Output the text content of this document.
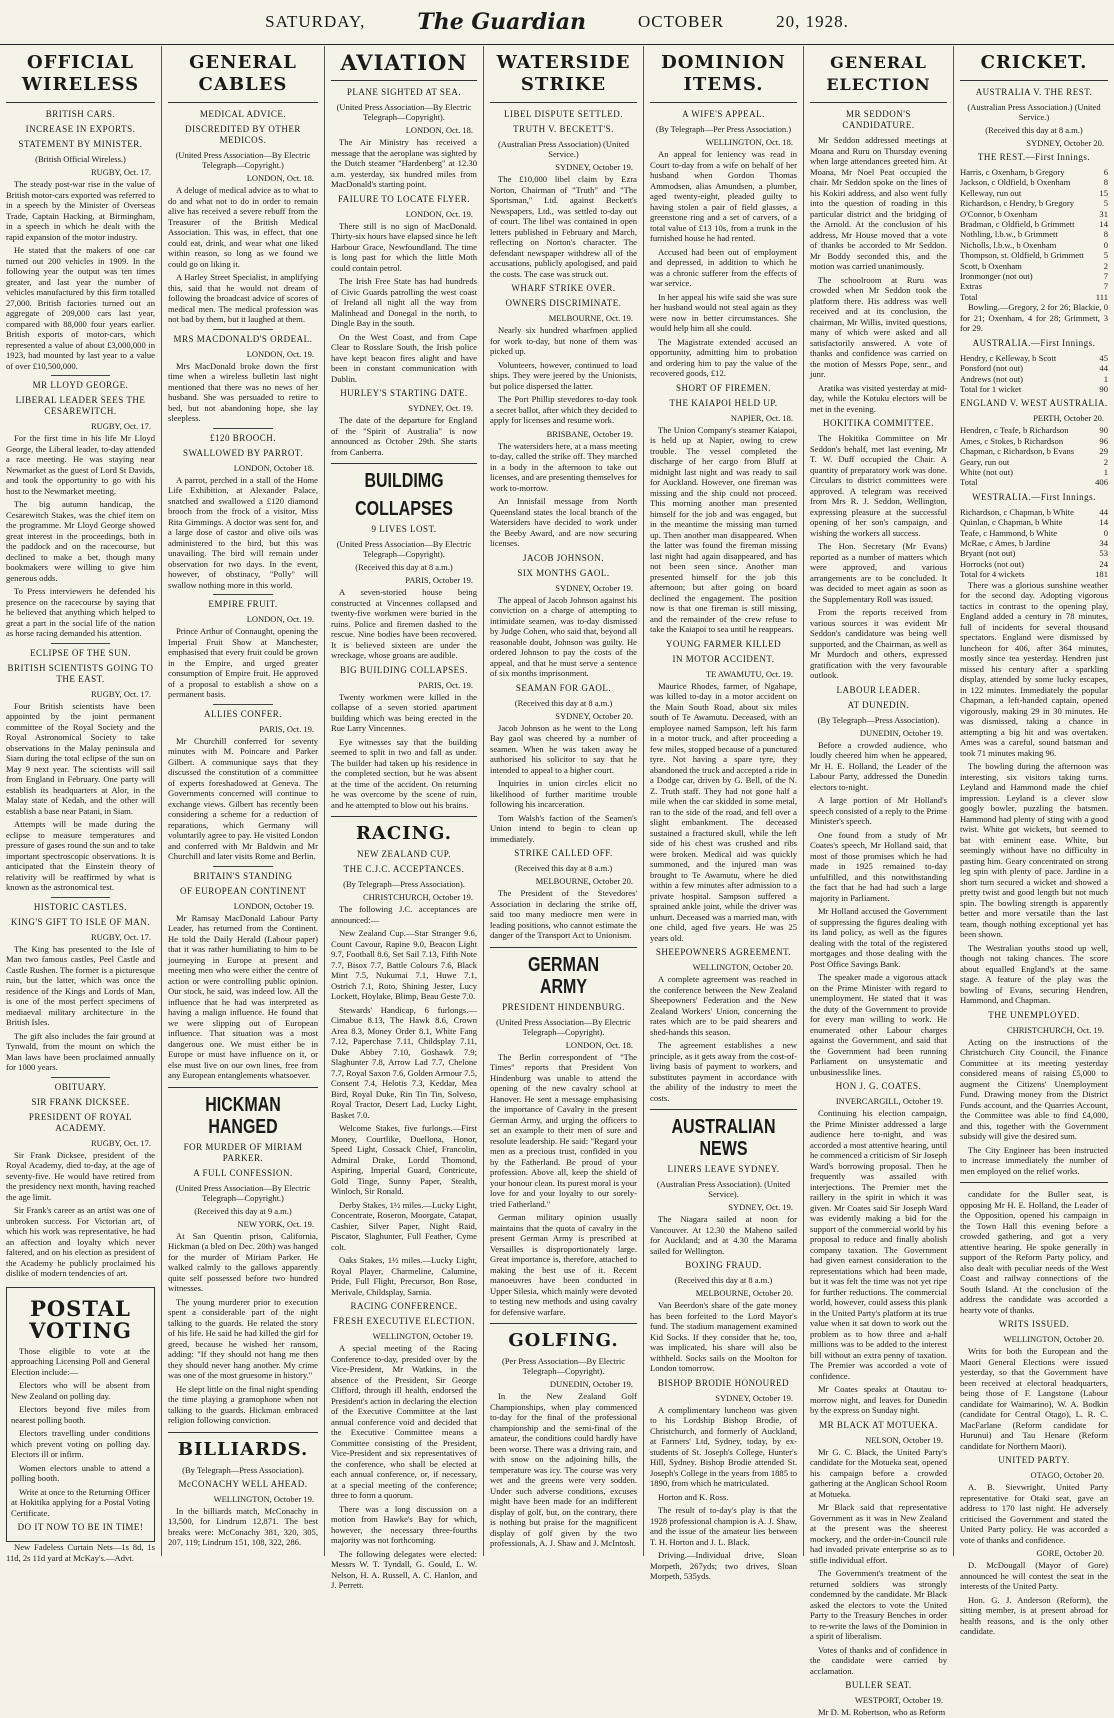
SATURDAY, The Guardian	OCTOBER	20, 1928.
OFFICIAL WIRELESS
BRITISH CARS.
INCREASE IN EXPORTS.
STATEMENT BY MINISTER.
(British Official Wireless.)
RUGBY, Oct. 17.

The steady post-war rise in the value of British motor-cars exported was referred to in a speech by the Minister of Overseas Trade, Captain Hacking, at Birmingham, in a speech in which he dealt with the rapid expansion of the motor industry.

He stated that the makers of one car turned out 200 vehicles in 1909. In the following year the output was ten times greater, and last year the number of vehicles manufactured by this firm totalled 27,000. British factories turned out an aggregate of 209,000 cars last year, compared with 88,000 four years earlier. British exports of motor-cars, which represented a value of about £3,000,000 in 1923, had mounted by last year to a value of over £10,500,000.

MR LLOYD GEORGE.
LIBERAL LEADER SEES THE CESAREWITCH.
RUGBY, Oct. 17.

For the first time in his life Mr Lloyd George, the Liberal leader, to-day attended a race meeting. He was staying near Newmarket as the guest of Lord St Davids, and took the opportunity to go with his host to the Newmarket meeting.

The big autumn handicap, the Cesarewitch Stakes, was the chief item on the programme. Mr Lloyd George showed great interest in the proceedings, both in the paddock and on the racecourse, but declined to make a bet, though many bookmakers were willing to give him generous odds.

To Press interviewers he defended his presence on the racecourse by saying that he believed that anything which helped to great a part in the social life of the nation as horse racing demanded his attention.

ECLIPSE OF THE SUN.
BRITISH SCIENTISTS GOING TO THE EAST.
RUGBY, Oct. 17.

Four British scientists have been appointed by the joint permanent committee of the Royal Society and the Royal Astronomical Society to take observations in the Malay peninsula and Siam during the total eclipse of the sun on May 9 next year. The scientists will sail from England in February. One party will establish its headquarters at Alor, in the Malay state of Kedah, and the other will establish a base near Patani, in Siam.

Attempts will be made during the eclipse to measure temperatures and pressure of gases round the sun and to take important spectroscopic observations. It is anticipated that the Einstein theory of relativity will be reaffirmed by what is known as the astronomical test.

HISTORIC CASTLES.
KING'S GIFT TO ISLE OF MAN.
RUGBY, Oct. 17.

The King has presented to the Isle of Man two famous castles, Peel Castle and Castle Rushen. The former is a picturesque ruin, but the latter, which was once the residence of the Kings and Lords of Man, is one of the most perfect specimens of mediaeval military architecture in the British Isles.

The gift also includes the fair ground at Tynwald, from the mount on which the Man laws have been proclaimed annually for 1000 years.

OBITUARY.
SIR FRANK DICKSEE.
PRESIDENT OF ROYAL ACADEMY.
RUGBY, Oct. 17.

Sir Frank Dicksee, president of the Royal Academy, died to-day, at the age of seventy-five. He would have retired from the presidency next month, having reached the age limit.

Sir Frank's career as an artist was one of unbroken success. For Victorian art, of which his work was representative, he had an affection and loyalty which never faltered, and on his election as president of the Academy he publicly proclaimed his dislike of modern tendencies of art.

POSTAL VOTING

Those eligible to vote at the approaching Licensing Poll and General Election include:—

Electors who will be absent from New Zealand on polling day.

Electors beyond five miles from nearest polling booth.

Electors travelling under conditions which prevent voting on polling day. Electors ill or infirm.

Women electors unable to attend a polling booth.

Write at once to the Returning Officer at Hokitika applying for a Postal Voting Certificate.

DO IT NOW TO BE IN TIME!

New Fadeless Curtain Nets—1s 8d, 1s 11d, 2s 11d yard at McKay's.—Advt.

GENERAL CABLES
MEDICAL ADVICE.
DISCREDITED BY OTHER MEDICOS.
(United Press Association—By Electric Telegraph—Copyright.)
LONDON, Oct. 18.

A deluge of medical advice as to what to do and what not to do in order to remain alive has received a severe rebuff from the Treasurer of the British Medical Association. This was, in effect, that one could eat, drink, and wear what one liked within reason, so long as we found we could go on liking it.

A Harley Street Specialist, in amplifying this, said that he would not dream of following the broadcast advice of scores of medical men. The medical profession was not bad by them, but it laughed at them.

MRS MACDONALD'S ORDEAL.
LONDON, Oct. 19.

Mrs MacDonald broke down the first time when a wireless bulletin last night mentioned that there was no news of her husband. She was persuaded to retire to bed, but not abandoning hope, she lay sleepless.

£120 BROOCH.
SWALLOWED BY PARROT.
LONDON, October 18.

A parrot, perched in a stall of the Home Life Exhibition, at Alexander Palace, snatched and swallowed a £120 diamond brooch from the frock of a visitor, Miss Rita Gimmings. A doctor was sent for, and a large dose of castor and olive oils was administered to the bird, but this was unavailing. The bird will remain under observation for two days. In the event, however, of obstinacy, "Polly" will swallow nothing more in this world.

EMPIRE FRUIT.
LONDON, Oct. 19.

Prince Arthur of Connaught, opening the Imperial Fruit Show at Manchester, emphasised that every fruit could be grown in the Empire, and urged greater consumption of Empire fruit. He approved of a proposal to establish a show on a permanent basis.

ALLIES CONFER.
PARIS, Oct. 19.

Mr Churchill conferred for seventy minutes with M. Poincare and Parker Gilbert. A communique says that they discussed the constitution of a committee of experts foreshadowed at Geneva. The Governments concerned will continue to exchange views. Gilbert has recently been considering a scheme for a reduction of reparations, which Germany will voluntarily agree to pay. He visited London and conferred with Mr Baldwin and Mr Churchill and later visits Rome and Berlin.

BRITAIN'S STANDING
OF EUROPEAN CONTINENT
LONDON, October 19.

Mr Ramsay MacDonald Labour Party Leader, has returned from the Continent. He told the Daily Herald (Labour paper) that it was rather humiliating to him to be journeying in Europe at present and meeting men who were either the centre of action or were controlling public opinion. Our stock, he said, was indeed low. All the influence that he had was interpreted as having a malign influence. He found that we were slipping out of European influence. That situation was a most dangerous one. We must either be in Europe or must have influence on it, or else must live on our own lines, free from any European entanglements whatsoever.

HICKMAN HANGED
FOR MURDER OF MIRIAM PARKER.
A FULL CONFESSION.
(United Press Association—By Electric Telegraph—Copyright.)
(Received this day at 9 a.m.)
NEW YORK, Oct. 19.

At San Quentin prison, California, Hickman (a bled on Dec. 20th) was hanged for the murder of Miriam Parker. He walked calmly to the gallows apparently quite self possessed before two hundred witnesses.

The young murderer prior to execution spent a considerable part of the night talking to the guards. He related the story of his life. He said he had killed the girl for greed, because he wished her ransom, adding: "If they should not hang me then they should never hang another. My crime was one of the most gruesome in history."

He slept little on the final night spending the time playing a gramophone when not talking to the guards. Hickman embraced religion following conviction.

BILLIARDS.
(By Telegraph—Press Association).
McCONACHY WELL AHEAD.
WELLINGTON, October 19.

In the billiards match, McConachy in 13,500, for Lindrum 12,871. The best breaks were: McConachy 381, 320, 305, 207, 119; Lindrum 151, 108, 322, 286.

AVIATION
PLANE SIGHTED AT SEA.
(United Press Association—By Electric Telegraph—Copyright).
LONDON, Oct. 18.

The Air Ministry has received a message that the aeroplane was sighted by the Dutch steamer "Hardenberg" at 12.30 a.m. yesterday, six hundred miles from MacDonald's starting point.

FAILURE TO LOCATE FLYER.
LONDON, Oct. 19.

There still is no sign of MacDonald. Thirty-six hours have elapsed since he left Harbour Grace, Newfoundland. The time is long past for which the little Moth could contain petrol.

The Irish Free State has had hundreds of Civic Guards patrolling the west coast of Ireland all night all the way from Malinhead and Donegal in the north, to Dingle Bay in the south.

On the West Coast, and from Cape Clear to Rosslare South, the Irish police have kept beacon fires alight and have been in constant communication with Dublin.

HURLEY'S STARTING DATE.
SYDNEY, Oct. 19.

The date of the departure for England of the "Spirit of Australia" is now announced as October 29th. She starts from Canberra.

BUILDIMG
COLLAPSES
9 LIVES LOST.
(United Press Association—By Electric Telegraph—Copyright).
(Received this day at 8 a.m.)
PARIS, October 19.

A seven-storied house being constructed at Vincennes collapsed and twenty-five workmen were buried in the ruins. Police and firemen dashed to the rescue. Nine bodies have been recovered. It is believed sixteen are under the wreckage, whose groans are audible.

BIG BUILDING COLLAPSES.
PARIS, Oct. 19.

Twenty workmen were killed in the collapse of a seven storied apartment building which was being erected in the Rue Larry Vincennes.

Eye witnesses say that the building seemed to split in two and fall as under. The builder had taken up his residence in the completed section, but he was absent at the time of the accident. On returning he was overcome by the scene of ruin, and he attempted to blow out his brains.

RACING.
NEW ZEALAND CUP.
THE C.J.C. ACCEPTANCES.
(By Telegraph—Press Association).
CHRISTCHURCH, October 19.

The following J.C. acceptances are announced:—

New Zealand Cup.—Star Stranger 9.6, Count Cavour, Rapine 9.0, Beacon Light 9.7, Football 8.6, Set Sail 7.13, Fifth Note 7.7, Bisox 7.7, Battle Colours 7.6, Black Mint 7.5, Nukumai 7.1, Huwe 7.1, Ostrich 7.1, Roto, Shining Jester, Lucy Lockett, Hoylake, Blimp, Beau Geste 7.0.

Stewards' Handicap, 6 furlongs.—Cimabue 8.13, The Hawk 8.6, Crown Area 8.3, Money Order 8.1, White Fang 7.12, Paperchase 7.11, Childsplay 7.11, Duke Abbey 7.10, Goshawk 7.9; Slaghunter 7.8, Arrow Lad 7.7, Chelone 7.7, Royal Saxon 7.6, Golden Armour 7.5, Consent 7.4, Helotis 7.3, Keddar, Mea Bird, Royal Duke, Rin Tin Tin, Solveso, Royal Tractor, Desert Lad, Lucky Light, Basket 7.0.

Welcome Stakes, five furlongs.—First Money, Courtlike, Duellona, Honor, Speed Light, Cossack Chief, Francolin, Admiral Drake, Lordd Thomond, Aspiring, Imperial Guard, Contricute, Gold Tinge, Sunny Paper, Stealth, Winloch, Sir Ronald.

Derby Stakes, 1½ miles.—Lucky Light, Concentrate, Roseron, Moorgate, Catapat, Cashier, Silver Paper, Night Raid, Piscator, Slaghunter, Full Feather, Cyme colt.

Oaks Stakes, 1½ miles.—Lucky Light, Royal Player, Charmeline, Calumine, Pride, Full Flight, Precursor, Bon Rose, Merivale, Childsplay, Sarnia.

RACING CONFERENCE.
FRESH EXECUTIVE ELECTION.
WELLINGTON, October 19.

A special meeting of the Racing Conference to-day, presided over by the Vice-President, Mr Watkins, in the absence of the President, Sir George Clifford, through ill health, endorsed the President's action in declaring the election of the Executive Committee at the last annual conference void and decided that the Executive Committee means a Committee consisting of the President, Vice-President and six representatives of the conference, who shall be elected at each annual conference, or, if necessary, at a special meeting of the conference; three to form a quorum.

There was a long discussion on a motion from Hawke's Bay for which, however, the necessary three-fourths majority was not forthcoming.

The following delegates were elected: Messrs W. T. Tyndall, G. Gould, L. W. Nelson, H. A. Russell, A. C. Hanlon, and J. Perrett.

WATERSIDE STRIKE
LIBEL DISPUTE SETTLED.
TRUTH V. BECKETT'S.
(Australian Press Association) (United Service.)
SYDNEY, October 19.

The £10,000 libel claim by Ezra Norton, Chairman of "Truth" and "The Sportsman," Ltd. against Beckett's Newspapers, Ltd., was settled to-day out of court. The libel was contained in open letters published in February and March, reflecting on Norton's character. The defendant newspaper withdrew all of the accusations, publicly apologised, and paid the costs. The case was struck out.

WHARF STRIKE OVER.
OWNERS DISCRIMINATE.
MELBOURNE, Oct. 19.

Nearly six hundred wharfmen applied for work to-day, but none of them was picked up.

Volunteers, however, continued to load ships. They were jeered by the Unionists, but police dispersed the latter.

The Port Phillip stevedores to-day took a secret ballot, after which they decided to apply for licenses and resume work.

BRISBANE, October 19.

The watersiders here, at a mass meeting to-day, called the strike off. They marched in a body in the afternoon to take out licenses, and are presenting themselves for work to-morrow.

An Innisfail message from North Queensland states the local branch of the Watersiders have decided to work under the Beeby Award, and are now securing licenses.

JACOB JOHNSON.
SIX MONTHS GAOL.
SYDNEY, October 19.

The appeal of Jacob Johnson against his conviction on a charge of attempting to intimidate seamen, was to-day dismissed by Judge Cohen, who said that, beyond all reasonable doubt, Johnson was guilty. He ordered Johnson to pay the costs of the appeal, and that he must serve a sentence of six months imprisonment.

SEAMAN FOR GAOL.
(Received this day at 8 a.m.)
SYDNEY, October 20.

Jacob Johnson as he went to the Long Bay gaol was cheered by a number of seamen. When he was taken away he authorised his solicitor to say that he intended to appeal to a higher court.

Inquiries in union circles elicit no likelihood of further maritime trouble following his incarceration.

Tom Walsh's faction of the Seamen's Union intend to begin to clean up immediately.

STRIKE CALLED OFF.
(Received this day at 8 a.m.)
MELBOURNE, October 20.

The President of the Stevedores' Association in declaring the strike off, said too many mediocre men were in leading positions, who cannot estimate the danger of the Transport Act to Unionism.

GERMAN ARMY
PRESIDENT HINDENBURG.
(United Press Association—By Electric Telegraph—Copyright).
LONDON, Oct. 18.

The Berlin correspondent of "The Times" reports that President Von Hindenburg was unable to attend the opening of the new cavalry school at Hanover. He sent a message emphasising the importance of Cavalry in the present German Army, and urging the officers to set an example to their men of sure and resolute leadership. He said: "Regard your men as a precious trust, confided in you by the Fatherland. Be proud of your profession. Above all, keep the shield of your honour clean. Its purest moral is your love for and your loyalty to our sorely-tried Fatherland."

German military opinion usually maintains that the quota of cavalry in the present German Army is prescribed at Versailles is disproportionately large. Great importance is, therefore, attached to making the best use of it. Recent manoeuvres have been conducted in Upper Silesia, which mainly were devoted to testing new methods and using cavalry for defensive warfare.

GOLFING.
(Per Press Association—By Electric Telegraph—Copyright).
DUNEDIN, October 19.

In the New Zealand Golf Championships, when play commenced to-day for the final of the professional championship and the semi-final of the amateur, the conditions could hardly have been worse. There was a driving rain, and with snow on the adjoining hills, the temperature was icy. The course was very wet and the greens were very sodden. Under such adverse conditions, excuses might have been made for an indifferent display of golf, but, on the contrary, there is nothing but praise for the magnificent display of golf given by the two professionals, A. J. Shaw and J. McIntosh.

DOMINION ITEMS.
A WIFE'S APPEAL.
(By Telegraph—Per Press Association.)
WELLINGTON, Oct. 18.

An appeal for leniency was read in Court to-day from a wife on behalf of her husband when Gordon Thomas Ammodsen, alias Amundsen, a plumber, aged twenty-eight, pleaded guilty to having stolen a pair of field glasses, a greenstone ring and a set of carvers, of a total value of £13 10s, from a trunk in the furnished house he had rented.

Accused had been out of employment and depressed, in addition to which he was a chronic sufferer from the effects of war service.

In her appeal his wife said she was sure her husband would not steal again as they were now in better circumstances. She would help him all she could.

The Magistrate extended accused an opportunity, admitting him to probation and ordering him to pay the value of the recovered goods, £12.

SHORT OF FIREMEN.
THE KAIAPOI HELD UP.
NAPIER, Oct. 18.

The Union Company's steamer Kaiapoi, is held up at Napier, owing to crew trouble. The vessel completed the discharge of her cargo from Bluff at midnight last night and was ready to sail for Auckland. However, one fireman was missing and the ship could not proceed. This morning another man presented himself for the job and was engaged, but in the meantime the missing man turned up. Then another man disappeared. When the latter was found the fireman missing last night had again disappeared, and has not been seen since. Another man presented himself for the job this afternoon; but after going on board declined the engagement. The position now is that one fireman is still missing, and the remainder of the crew refuse to take the Kaiapoi to sea until he reappears.

YOUNG FARMER KILLED
IN MOTOR ACCIDENT.
TE AWAMUTU, Oct. 19.

Maurice Rhodes, farmer, of Ngahape, was killed to-day in a motor accident on the Main South Road, about six miles south of Te Awamutu. Deceased, with an employee named Sampson, left his farm in a motor truck, and after proceeding a few miles, stopped because of a punctured tyre. Not having a spare tyre, they abandoned the truck and accepted a ride in a Dodge car, driven by G. Bell, of the N. Z. Truth staff. They had not gone half a mile when the car skidded in some metal, ran to the side of the road, and fell over a slight embankment. The deceased sustained a fractured skull, while the left side of his chest was crushed and ribs were broken. Medical aid was quickly summoned, and the injured man was brought to Te Awamutu, where he died within a few minutes after admission to a private hospital. Sampson suffered a sprained ankle joint, while the driver was unhurt. Deceased was a married man, with one child, aged five years. He was 25 years old.

SHEEPOWNERS AGREEMENT.
WELLINGTON, October 20.

A complete agreement was reached in the conference between the New Zealand Sheepowners' Federation and the New Zealand Workers' Union, concerning the rates which are to be paid shearers and shed-hands this season.

The agreement establishes a new principle, as it gets away from the cost-of-living basis of payment to workers, and substitutes payment in accordance with the ability of the industry to meet the costs.

AUSTRALIAN NEWS
LINERS LEAVE SYDNEY.
(Australian Press Association). (United Service).
SYDNEY, Oct. 19.

The Niagara sailed at noon for Vancouver. At 12.30 the Maheno sailed for Auckland; and at 4.30 the Marama sailed for Wellington.

BOXING FRAUD.
(Received this day at 8 a.m.)
MELBOURNE, October 20.

Van Beerdon's share of the gate money has been forfeited to the Lord Mayor's fund. The stadium management examined Kid Socks. If they consider that he, too, was implicated, his share will also be withheld. Socks sails on the Moolton for London tomorrow.

BISHOP BRODIE HONOURED
SYDNEY, October 19.

A complimentary luncheon was given to his Lordship Bishop Brodie, of Christchurch, and formerly of Auckland, at Farmers' Ltd, Sydney, today, by ex-students of St. Joseph's College, Hunter's Hill, Sydney. Bishop Brodie attended St. Joseph's College in the years from 1885 to 1890, from which he matriculated.

Horton and K. Ross.

The result of to-day's play is that the 1928 professional champion is A. J. Shaw, and the issue of the amateur lies between T. H. Horton and J. L. Black.

Driving.—Individual drive, Sloan Morpeth, 267yds; two drives, Sloan Morpeth, 535yds.

GENERAL ELECTION
MR SEDDON'S CANDIDATURE.

Mr Seddon addressed meetings at Moana and Ruru on Thursday evening when large attendances greeted him. At Moana, Mr Noel Peat occupied the chair. Mr Seddon spoke on the lines of his Kokiri address, and also went fully into the question of roading in this particular district and the bridging of the Arnold. At the conclusion of his address, Mr House moved that a vote of thanks be accorded to Mr Seddon. Mr Boddy seconded this, and the motion was carried unanimously.

The schoolroom at Ruru was crowded when Mr Seddon took the platform there. His address was well received and at its conclusion, the chairman, Mr Willis, invited questions, many of which were asked and all satisfactorily answered. A vote of thanks and confidence was carried on the motion of Messrs Pope, senr., and junr.

Aratika was visited yesterday at mid-day, while the Kotuku electors will be met in the evening.

HOKITIKA COMMITTEE.

The Hokitika Committee on Mr Seddon's behalf, met last evening, Mr T. W. Duff occupied the Chair. A quantity of preparatory work was done. Circulars to district committees were approved. A telegram was received from Mrs R. J. Seddon, Wellington, expressing pleasure at the successful opening of her son's campaign, and wishing the workers all success.

The Hon. Secretary (Mr Evans) reported as a number of matters which were approved, and various arrangements are to be concluded. It was decided to meet again as soon as the Supplementary Roll was issued.

From the reports received from various sources it was evident Mr Seddon's candidature was being well supported, and the Chairman, as well as Mr Murdoch and others, expressed gratification with the very favourable outlook.

LABOUR LEADER.
AT DUNEDIN.
(By Telegraph—Press Association).
DUNEDIN, October 19.

Before a crowded audience, who loudly cheered him when he appeared, Mr H. E. Holland, the Leader of the Labour Party, addressed the Dunedin electors to-night.

A large portion of Mr Holland's speech consisted of a reply to the Prime Minister's speech.

One found from a study of Mr Coates's speech, Mr Holland said, that most of those promises which he had made in 1925 remained to-day unfulfilled, and this notwithstanding the fact that he had had such a large majority in Parliament.

Mr Holland accused the Government of suppressing the figures dealing with its land policy, as well as the figures dealing with the total of the registered mortgages and those dealing with the Post Office Savings Bank.

The speaker made a vigorous attack on the Prime Minister with regard to unemployment. He stated that it was the duty of the Government to provide for every man willing to work. He enumerated other Labour charges against the Government, and said that the Government had been running Parliament on unsystematic and unbusinesslike lines.

HON J. G. COATES.
INVERCARGILL, October 19.

Continuing his election campaign, the Prime Minister addressed a large audience here to-night, and was accorded a most attentive hearing, until he commenced a criticism of Sir Joseph Ward's borrowing proposal. Then he frequently was assailed with interjections. The Premier met the raillery in the spirit in which it was given. Mr Coates said Sir Joseph Ward was evidently making a bid for the support of the commercial world by his proposal to reduce and finally abolish company taxation. The Government had given earnest consideration to the representations which had been made, but it was felt the time was not yet ripe for further reductions. The commercial world, however, could assess this plank in the United Party's platform at its true value when it sat down to work out the problem as to how three and a-half millions was to be added to the interest bill without an extra penny of taxation. The Premier was accorded a vote of confidence.

Mr Coates speaks at Otautau to-morrow night, and leaves for Dunedin by the express on Sunday night.

MR BLACK AT MOTUEKA.
NELSON, October 19.

Mr G. C. Black, the United Party's candidate for the Motueka seat, opened his campaign before a crowded gathering at the Anglican School Room at Motueka.

Mr Black said that representative Government as it was in New Zealand at the present was the sheerest mockery, and the order-in-Council rule had invaded private enterprise so as to stifle individual effort.

The Government's treatment of the returned soldiers was strongly condemned by the candidate. Mr Black asked the electors to vote the United Party to the Treasury Benches in order to re-write the laws of the Dominion in a spirit of liberalism.

Votes of thanks and of confidence in the candidate were carried by acclamation.

BULLER SEAT.
WESTPORT, October 19.

Mr D. M. Robertson, who as Reform

CRICKET.
AUSTRALIA V. THE REST.
(Australian Press Association.) (United Service.)
(Received this day at 8 a.m.)
SYDNEY, October 20.
THE REST.—First Innings.
Harris, c Oxenham, b Gregory	6
Jackson, c Oldfield, b Oxenham	8
Kelleway, run out	15
Richardson, c Hendry, b Gregory	5
O'Connor, b Oxenham	31
Bradman, c Oldfield, b Grimmett	14
Nothling, l.b.w., b Grimmett	8
Nicholls, l.b.w., b Oxenham	0
Thompson, st. Oldfield, b Grimmett 5
Scott, b Oxenham	2
Ironmonger (not out)	7
Extras	7
Total	111

Bowling.—Gregory, 2 for 26; Blackie, 0 for 21; Oxenham, 4 for 28; Grimmett, 3 for 29.

AUSTRALIA.—First Innings.
Hendry, c Kelleway, b Scott	45
Ponsford (not out)	44
Andrews (not out)	1
Total for 1 wicket	90
ENGLAND V. WEST AUSTRALIA.
PERTH, October 20.
Hendren, c Teafe, b Richardson	90
Ames, c Stokes, b Richardson	96
Chapman, c Richardson, b Evans	29
Geary, run out	2
White (not out)	1
Total	406
WESTRALIA.—First Innings.
Richardson, c Chapman, b White	44
Quinlan, c Chapman, b White	14
Teafe, c Hammond, b White	0
McRae, c Ames, b Jardine	34
Bryant (not out)	53
Horrocks (not out)	24
Total for 4 wickets	181

There was a glorious sunshine weather for the second day. Adopting vigorous tactics in contrast to the opening play, England added a century in 78 minutes, full of incidents for several thousand spectators. England were dismissed by luncheon for 406, after 364 minutes, mostly since tea yesterday. Hendren just missed his century after a sparkling display, attended by some lucky escapes, in 122 minutes. Immediately the popular Chapman, a left-handed captain, opened vigorously, making 29 in 30 minutes. He was dismissed, taking a chance in attempting a big hit and was overtaken. Ames was a careful, sound batsman and took 71 minutes making 96.

The bowling during the afternoon was interesting, six visitors taking turns. Leyland and Hammond made the chief impression. Leyland is a clever slow googly bowler, puzzling the batsmen. Hammond had plenty of sting with a good twist. White got wickets, but seemed to bat with eminent ease. White, but seemingly without have no difficulty in pasting him. Geary concentrated on strong leg spin with plenty of pace. Jardine in a short turn secured a wicket and showed a pretty twist and good length but not much spin. The bowling strength is apparently better and more versatile than the last team, though nothing exceptional yet has been shown.

The Westralian youths stood up well, though not taking chances. The score about equalled England's at the same stage. A feature of the play was the bowling of Evans, securing Hendren, Hammond, and Chapman.

THE UNEMPLOYED.
CHRISTCHURCH, Oct. 19.

Acting on the instructions of the Christchurch City Council, the Finance Committee at its meeting yesterday considered means of raising £5,000 to augment the Citizens' Unemployment Fund. Drawing money from the District Funds account, and the Quarries Account, the Committee was able to find £4,000, and this, together with the Government subsidy will give the desired sum.

The City Engineer has been instructed to increase immediately the number of men employed on the relief works.

candidate for the Buller seat, is opposing Mr H. E. Holland, the Leader of the Opposition, opened his campaign in the Town Hall this evening before a crowded gathering, and got a very attentive hearing. He spoke generally in support of the Reform Party policy, and also dealt with peculiar needs of the West Coast and railway connections of the South Island. At the conclusion of the address the candidate was accorded a hearty vote of thanks.

WRITS ISSUED.
WELLINGTON, October 20.

Writs for both the European and the Maori General Elections were issued yesterday, so that the Government have been received at electoral headquarters, being those of F. Langstone (Labour candidate for Waimarino), W. A. Bodkin (candidate for Central Otago), L. R. C. MacFarlane (Reform candidate for Hurunui) and Tau Henare (Reform candidate for Northern Maori).

UNITED PARTY.
OTAGO, October 20.

A. B. Sievwright, United Party representative for Otaki seat, gave an address to 170 last night. He adversely criticised the Government and stated the United Party policy. He was accorded a vote of thanks and confidence.

GORE, October 20.

D. McDougall (Mayor of Gore) announced he will contest the seat in the interests of the United Party.

Hon. G. J. Anderson (Reform), the sitting member, is at present abroad for health reasons, and is the only other candidate.
